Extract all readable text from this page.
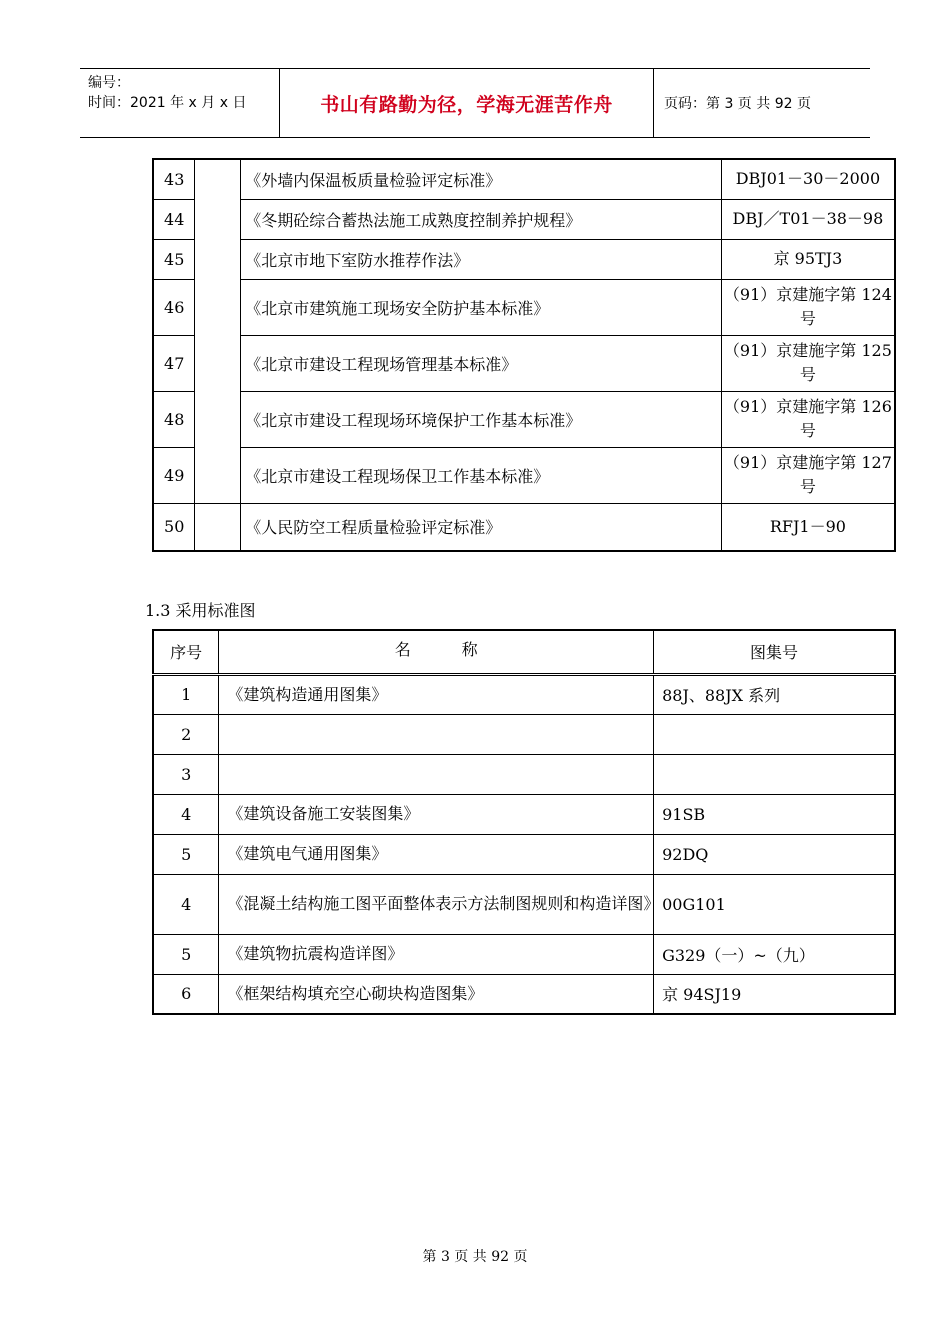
编号：
时间：2021 年 x 月 x 日	书山有路勤为径，学海无涯苦作舟	页码：第 3 页 共 92 页
43		《外墙内保温板质量检验评定标准》	DBJ01－30－2000
44		《冬期砼综合蓄热法施工成熟度控制养护规程》	DBJ／T01－38－98
45		《北京市地下室防水推荐作法》	京 95TJ3
46		《北京市建筑施工现场安全防护基本标准》	（91）京建施字第 124 号
47		《北京市建设工程现场管理基本标准》	（91）京建施字第 125 号
48		《北京市建设工程现场环境保护工作基本标准》	（91）京建施字第 126 号
49		《北京市建设工程现场保卫工作基本标准》	（91）京建施字第 127 号
50		《人民防空工程质量检验评定标准》	RFJ1－90
1.3 采用标准图
序号	名          称	图集号
1	《建筑构造通用图集》	88J、88JX 系列
2		
3		
4	《建筑设备施工安装图集》	91SB
5	《建筑电气通用图集》	92DQ
4	《混凝土结构施工图平面整体表示方法制图规则和构造详图》	00G101
5	《建筑物抗震构造详图》	G329（一）~（九）
6	《框架结构填充空心砌块构造图集》	京 94SJ19
第 3 页 共 92 页
